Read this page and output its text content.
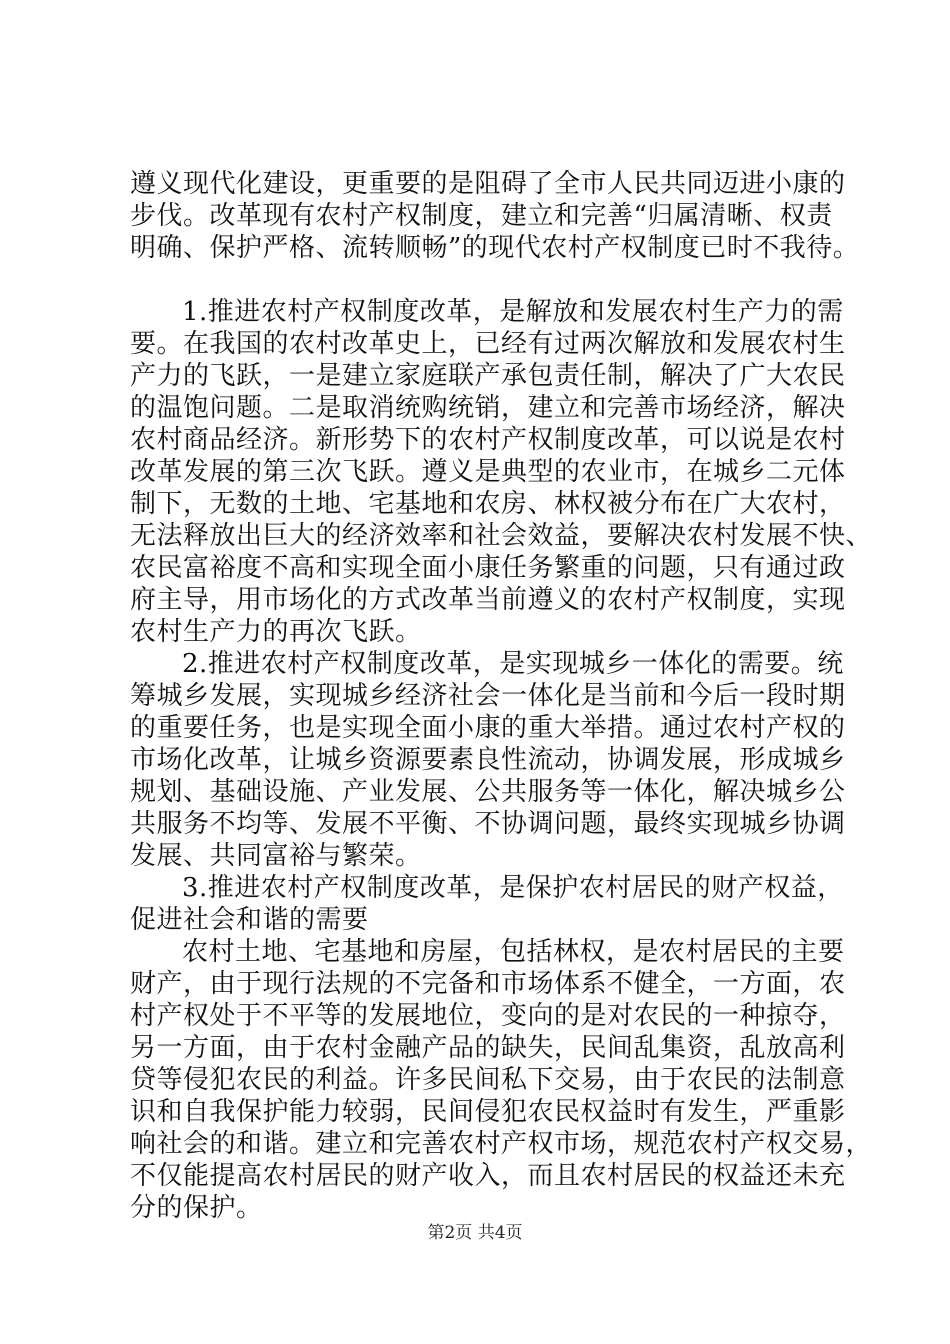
遵义现代化建设，更重要的是阻碍了全市人民共同迈进小康的
步伐。改革现有农村产权制度，建立和完善“归属清晰、权责
明确、保护严格、流转顺畅”的现代农村产权制度已时不我待。
1.推进农村产权制度改革，是解放和发展农村生产力的需
要。在我国的农村改革史上，已经有过两次解放和发展农村生
产力的飞跃，一是建立家庭联产承包责任制，解决了广大农民
的温饱问题。二是取消统购统销，建立和完善市场经济，解决
农村商品经济。新形势下的农村产权制度改革，可以说是农村
改革发展的第三次飞跃。遵义是典型的农业市，在城乡二元体
制下，无数的土地、宅基地和农房、林权被分布在广大农村，
无法释放出巨大的经济效率和社会效益，要解决农村发展不快、
农民富裕度不高和实现全面小康任务繁重的问题，只有通过政
府主导，用市场化的方式改革当前遵义的农村产权制度，实现
农村生产力的再次飞跃。
2.推进农村产权制度改革，是实现城乡一体化的需要。统
筹城乡发展，实现城乡经济社会一体化是当前和今后一段时期
的重要任务，也是实现全面小康的重大举措。通过农村产权的
市场化改革，让城乡资源要素良性流动，协调发展，形成城乡
规划、基础设施、产业发展、公共服务等一体化，解决城乡公
共服务不均等、发展不平衡、不协调问题，最终实现城乡协调
发展、共同富裕与繁荣。
3.推进农村产权制度改革，是保护农村居民的财产权益，
促进社会和谐的需要
农村土地、宅基地和房屋，包括林权，是农村居民的主要
财产，由于现行法规的不完备和市场体系不健全，一方面，农
村产权处于不平等的发展地位，变向的是对农民的一种掠夺，
另一方面，由于农村金融产品的缺失，民间乱集资，乱放高利
贷等侵犯农民的利益。许多民间私下交易，由于农民的法制意
识和自我保护能力较弱，民间侵犯农民权益时有发生，严重影
响社会的和谐。建立和完善农村产权市场，规范农村产权交易，
不仅能提高农村居民的财产收入，而且农村居民的权益还未充
分的保护。
第2页 共4页
